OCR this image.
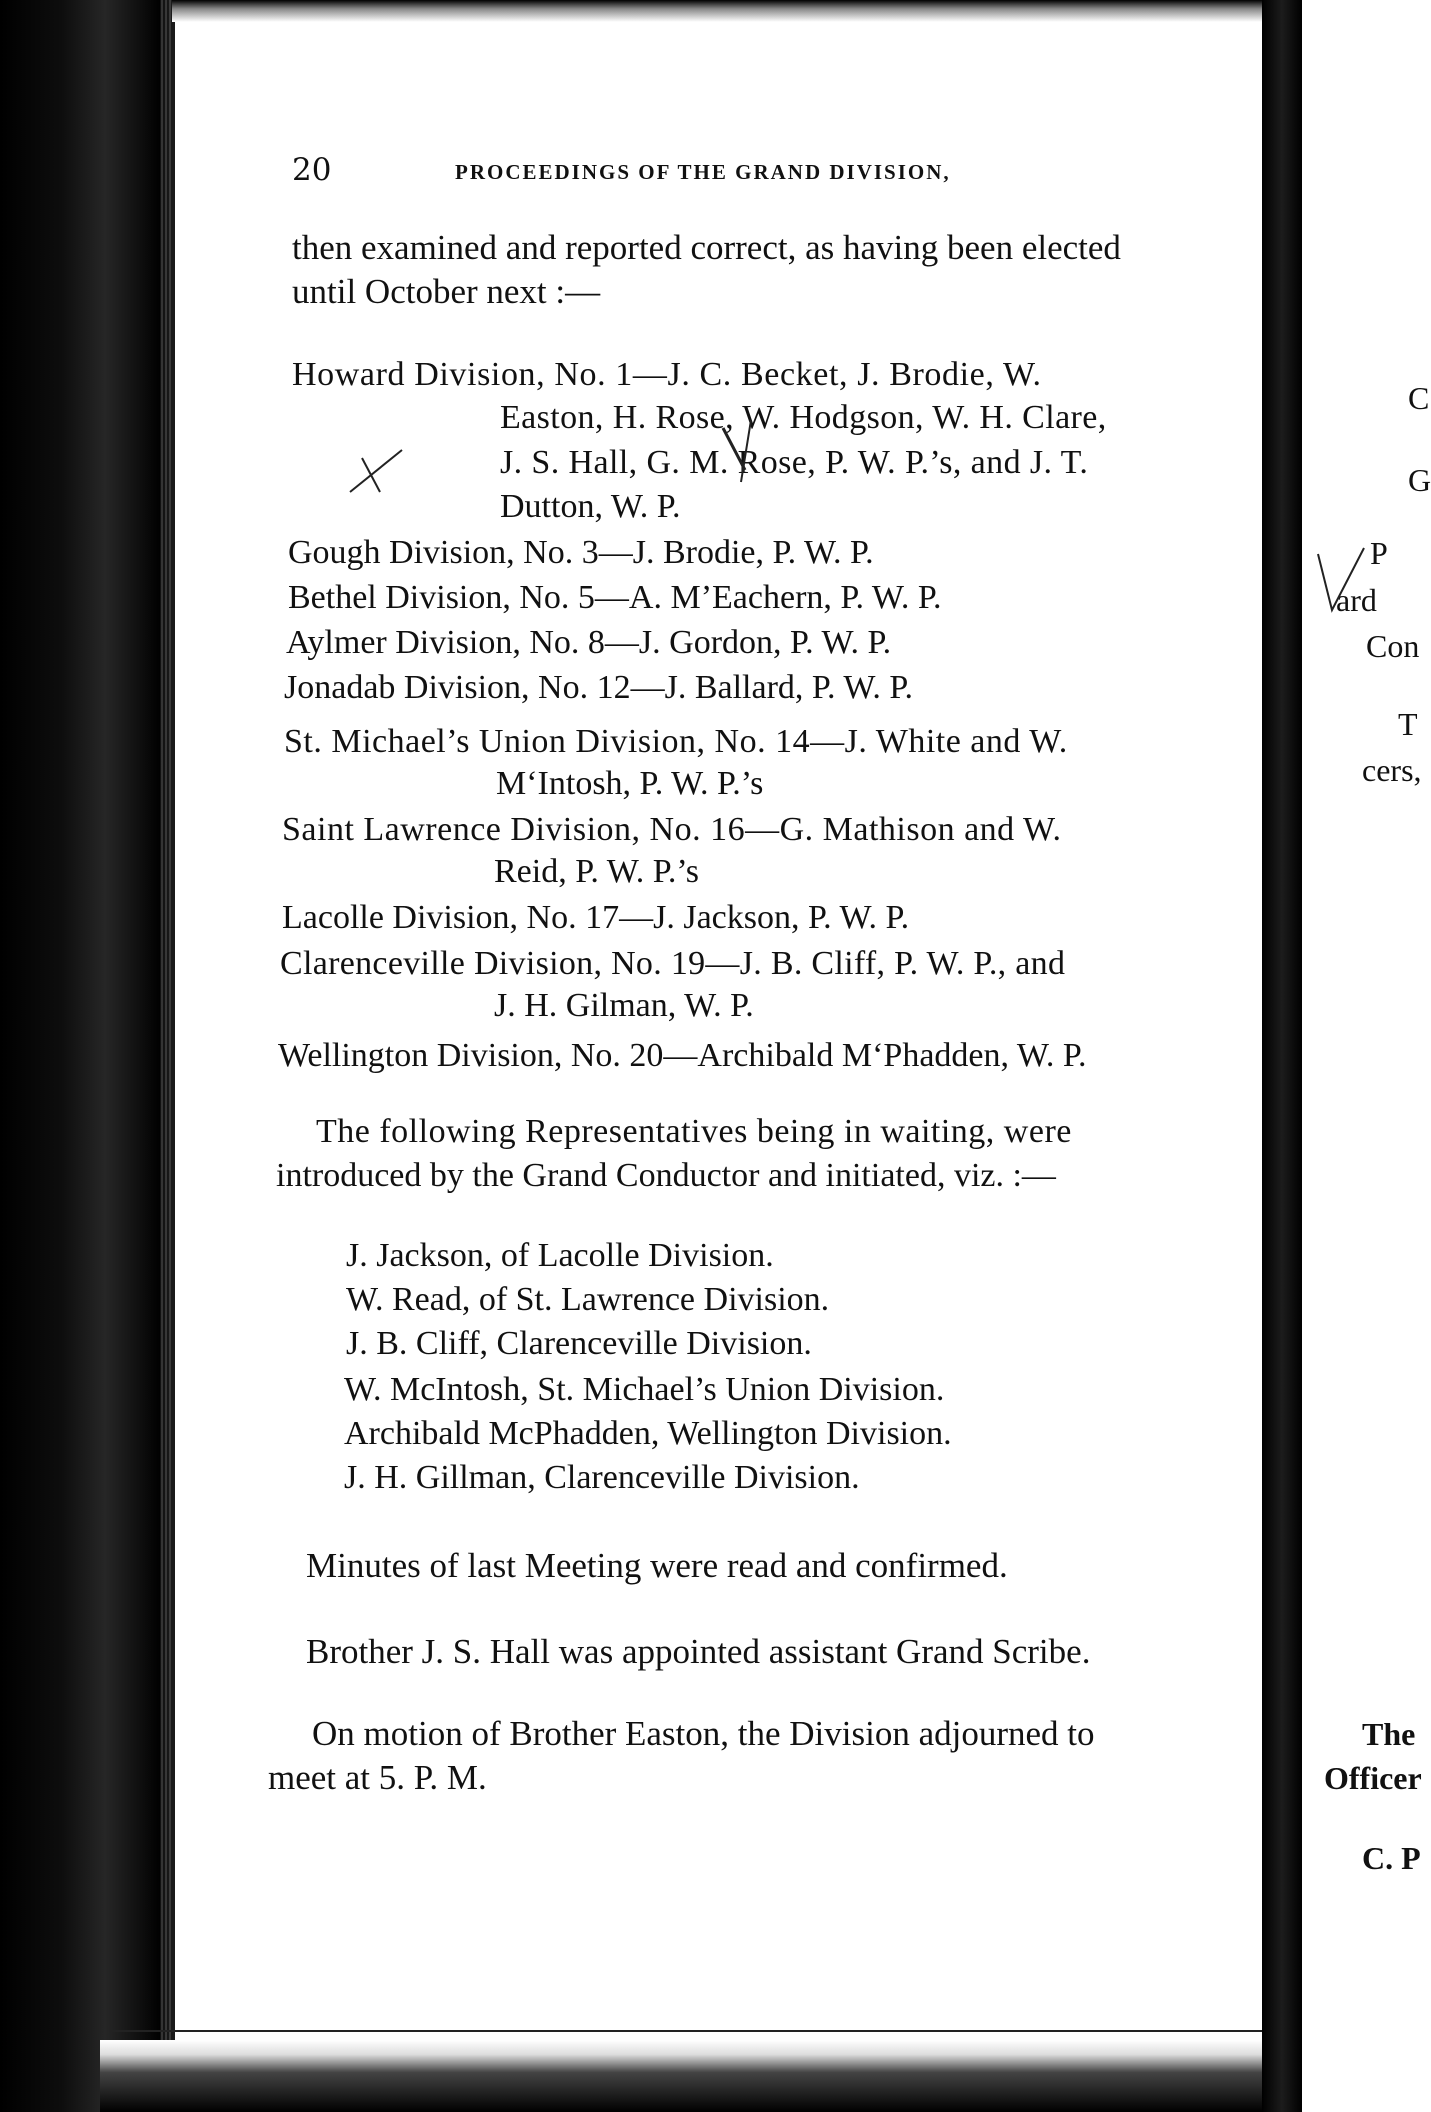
20	PROCEEDINGS OF THE GRAND DIVISION,
then examined and reported correct, as having been elected
until October next :—
Howard Division, No. 1—J. C. Becket, J. Brodie, W.
Easton, H. Rose, W. Hodgson, W. H. Clare,
J. S. Hall, G. M. Rose, P. W. P.’s, and J. T.
Dutton, W. P.
Gough Division, No. 3—J. Brodie, P. W. P.
Bethel Division, No. 5—A. M’Eachern, P. W. P.
Aylmer Division, No. 8—J. Gordon, P. W. P.
Jonadab Division, No. 12—J. Ballard, P. W. P.
St. Michael’s Union Division, No. 14—J. White and W.
M‘Intosh, P. W. P.’s
Saint Lawrence Division, No. 16—G. Mathison and W.
Reid, P. W. P.’s
Lacolle Division, No. 17—J. Jackson, P. W. P.
Clarenceville Division, No. 19—J. B. Cliff, P. W. P., and
J. H. Gilman, W. P.
Wellington Division, No. 20—Archibald M‘Phadden, W. P.
The following Representatives being in waiting, were
introduced by the Grand Conductor and initiated, viz. :—
J. Jackson, of Lacolle Division.
W. Read, of St. Lawrence Division.
J. B. Cliff, Clarenceville Division.
W. McIntosh, St. Michael’s Union Division.
Archibald McPhadden, Wellington Division.
J. H. Gillman, Clarenceville Division.
Minutes of last Meeting were read and confirmed.
Brother J. S. Hall was appointed assistant Grand Scribe.
On motion of Brother Easton, the Division adjourned to
meet at 5. P. M.
C
G
P
ard
Con
T
cers,
The
Officer
C. P
